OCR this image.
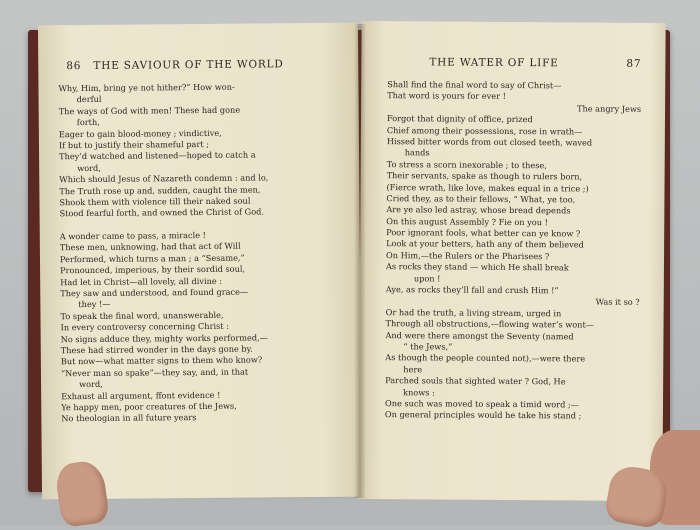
86 THE SAVIOUR OF THE WORLD
Why, Him, bring ye not hither?” How won-
derful
The ways of God with men! These had gone
forth,
Eager to gain blood-money ; vindictive,
If but to justify their shameful part ;
They’d watched and listened—hoped to catch a
word,
Which should Jesus of Nazareth condemn : and lo,
The Truth rose up and, sudden, caught the men,
Shook them with violence till their naked soul
Stood fearful forth, and owned the Christ of God.
A wonder came to pass, a miracle !
These men, unknowing, had that act of Will
Performed, which turns a man ; a “Sesame,”
Pronounced, imperious, by their sordid soul,
Had let in Christ—all lovely, all divine :
They saw and understood, and found grace—
they !—
To speak the final word, unanswerable,
In every controversy concerning Christ :
No signs adduce they, mighty works performed,—
These had stirred wonder in the days gone by.
But now—what matter signs to them who know?
“Never man so spake”—they say, and, in that
word,
Exhaust all argument, ffont evidence !
Ye happy men, poor creatures of the Jews,
No theologian in all future years
THE WATER OF LIFE	87
Shall find the final word to say of Christ—
That word is yours for ever !
The angry Jews
Forgot that dignity of office, prized
Chief among their possessions, rose in wrath—
Hissed bitter words from out closed teeth, waved
hands
To stress a scorn inexorable ; to these,
Their servants, spake as though to rulers born,
(Fierce wrath, like love, makes equal in a trice ;)
Cried they, as to their fellows, “ What, ye too,
Are ye also led astray, whose bread depends
On this august Assembly ? Fie on you !
Poor ignorant fools, what better can ye know ?
Look at your betters, hath any of them believed
On Him,—the Rulers or the Pharisees ?
As rocks they stand — which He shall break
upon !
Aye, as rocks they’ll fall and crush Him !”
Was it so ?
Or had the truth, a living stream, urged in
Through all obstructions,—flowing water’s wont—
And were there amongst the Seventy (named
“ the Jews,”
As though the people counted not),—were there
here
Parched souls that sighted water ? God, He
knows :
One such was moved to speak a timid word ;—
On general principles would he take his stand ;
